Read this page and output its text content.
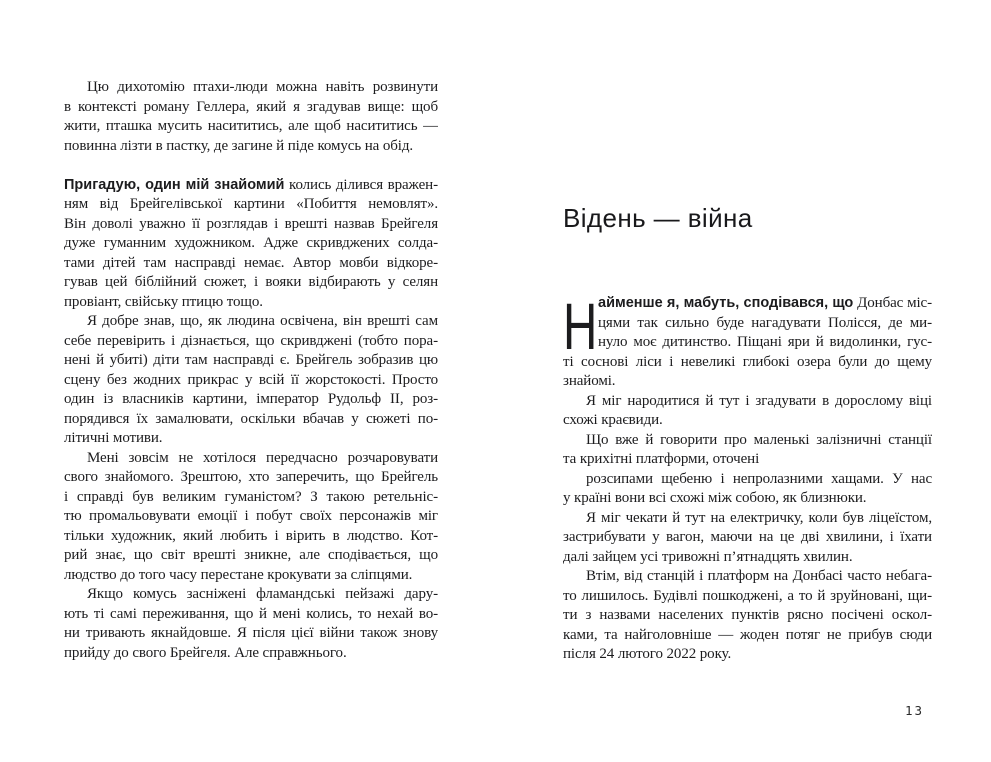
Цю дихотомію птахи-люди можна навіть розвинути
в контексті роману Геллера, який я згадував вище: щоб
жити, пташка мусить насититись, але щоб насититись —
повинна лізти в пастку, де загине й піде комусь на обід.
Пригадую, один мій знайомий колись ділився вражен-
ням від Брейгелівської картини «Побиття немовлят».
Він доволі уважно її розглядав і врешті назвав Брейгеля
дуже гуманним художником. Адже скривджених солда-
тами дітей там насправді немає. Автор мовби відкоре-
гував цей біблійний сюжет, і вояки відбирають у селян
провіант, свійську птицю тощо.
Я добре знав, що, як людина освічена, він врешті сам
себе перевірить і дізнається, що скривджені (тобто пора-
нені й убиті) діти там насправді є. Брейгель зобразив цю
сцену без жодних прикрас у всій її жорстокості. Просто
один із власників картини, імператор Рудольф II, роз-
порядився їх замалювати, оскільки вбачав у сюжеті по-
літичні мотиви.
Мені зовсім не хотілося передчасно розчаровувати
свого знайомого. Зрештою, хто заперечить, що Брейгель
і справді був великим гуманістом? З такою ретельніс-
тю промальовувати емоції і побут своїх персонажів міг
тільки художник, який любить і вірить в людство. Кот-
рий знає, що світ врешті зникне, але сподівається, що
людство до того часу перестане крокувати за сліпцями.
Якщо комусь засніжені фламандські пейзажі дару-
ють ті самі переживання, що й мені колись, то нехай во-
ни тривають якнайдовше. Я після цієї війни також знову
прийду до свого Брейгеля. Але справжнього.
Відень — війна
Н айменше я, мабуть, сподівався, що Донбас міс-
цями так сильно буде нагадувати Полісся, де ми-
нуло моє дитинство. Піщані яри й видолинки, гус-
ті соснові ліси і невеликі глибокі озера були до щему
знайомі.
Я міг народитися й тут і згадувати в дорослому віці
схожі краєвиди.
Що вже й говорити про маленькі залізничні станції
та крихітні платформи, оточені
розсипами щебеню і непролазними хащами. У нас
у країні вони всі схожі між собою, як близнюки.
Я міг чекати й тут на електричку, коли був ліцеїстом,
застрибувати у вагон, маючи на це дві хвилини, і їхати
далі зайцем усі тривожні п’ятнадцять хвилин.
Втім, від станцій і платформ на Донбасі часто небага-
то лишилось. Будівлі пошкоджені, а то й зруйновані, щи-
ти з назвами населених пунктів рясно посічені оскол-
ками, та найголовніше — жоден потяг не прибув сюди
після 24 лютого 2022 року.
13
